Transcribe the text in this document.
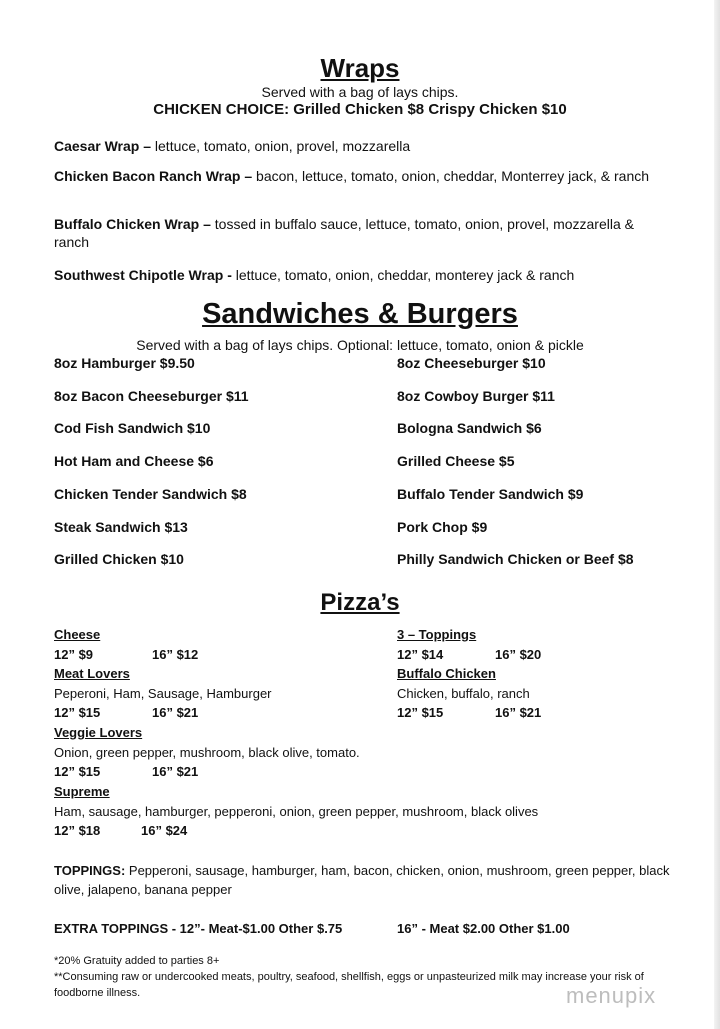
Wraps
Served with a bag of lays chips.
CHICKEN CHOICE: Grilled Chicken $8 Crispy Chicken $10
Caesar Wrap – lettuce, tomato, onion, provel, mozzarella
Chicken Bacon Ranch Wrap – bacon, lettuce, tomato, onion, cheddar, Monterrey jack, & ranch
Buffalo Chicken Wrap – tossed in buffalo sauce, lettuce, tomato, onion, provel, mozzarella & ranch
Southwest Chipotle Wrap - lettuce, tomato, onion, cheddar, monterey jack & ranch
Sandwiches & Burgers
Served with a bag of lays chips. Optional: lettuce, tomato, onion & pickle
8oz Hamburger $9.50
8oz Bacon Cheeseburger $11
Cod Fish Sandwich $10
Hot Ham and Cheese $6
Chicken Tender Sandwich $8
Steak Sandwich $13
Grilled Chicken $10
8oz Cheeseburger $10
8oz Cowboy Burger $11
Bologna Sandwich $6
Grilled Cheese $5
Buffalo Tender Sandwich $9
Pork Chop $9
Philly Sandwich Chicken or Beef $8
Pizza’s
Cheese
12” $9	16” $12
Meat Lovers
Peperoni, Ham, Sausage, Hamburger
12” $15	16” $21
Veggie Lovers
Onion, green pepper, mushroom, black olive, tomato.
12” $15	16” $21
Supreme
Ham, sausage, hamburger, pepperoni, onion, green pepper, mushroom, black olives
12” $18	16” $24
3 – Toppings
12” $14	16” $20
Buffalo Chicken
Chicken, buffalo, ranch
12” $15	16” $21
TOPPINGS: Pepperoni, sausage, hamburger, ham, bacon, chicken, onion, mushroom, green pepper, black
olive, jalapeno, banana pepper
EXTRA TOPPINGS - 12”- Meat-$1.00 Other $.75	16” - Meat $2.00 Other $1.00
*20% Gratuity added to parties 8+
**Consuming raw or undercooked meats, poultry, seafood, shellfish, eggs or unpasteurized milk may increase your risk of
foodborne illness.	menupix
